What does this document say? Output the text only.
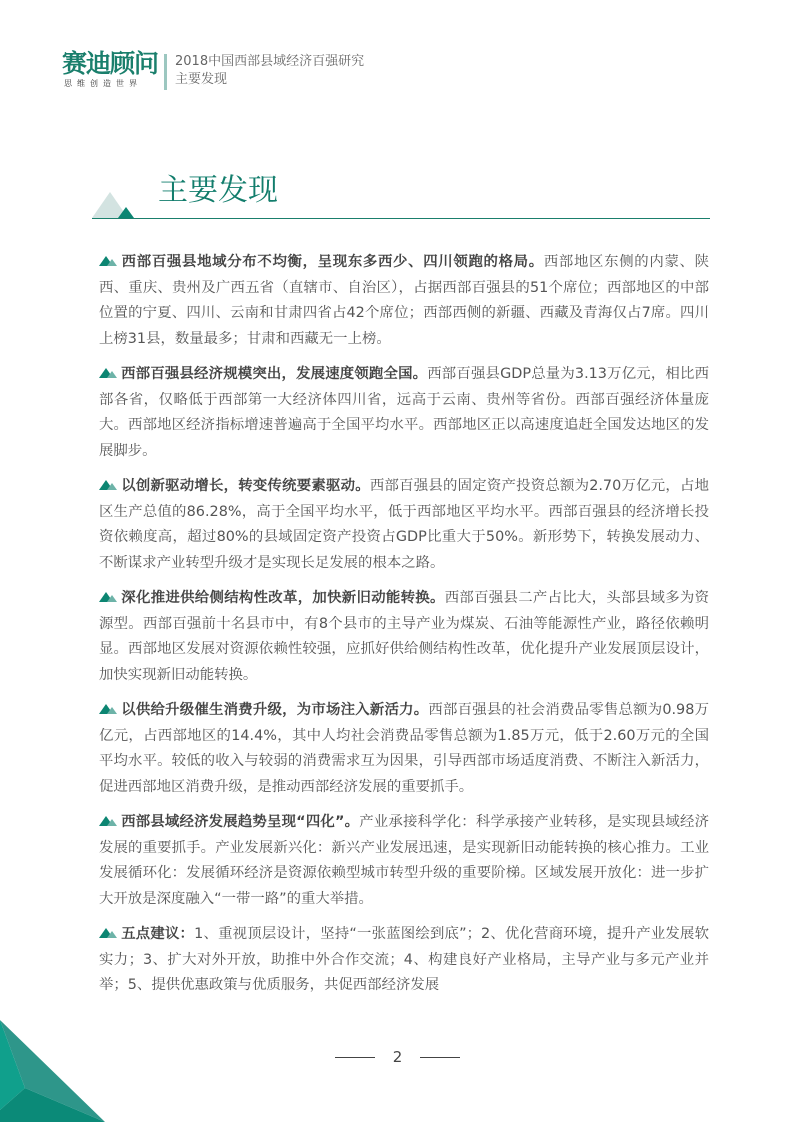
赛迪顾问
思维创造世界
2018中国西部县域经济百强研究
主要发现
主要发现

西部百强县地域分布不均衡，呈现东多西少、四川领跑的格局。西部地区东侧的内蒙、陕西、重庆、贵州及广西五省（直辖市、自治区），占据西部百强县的51个席位；西部地区的中部位置的宁夏、四川、云南和甘肃四省占42个席位；西部西侧的新疆、西藏及青海仅占7席。四川上榜31县，数量最多；甘肃和西藏无一上榜。

西部百强县经济规模突出，发展速度领跑全国。西部百强县GDP总量为3.13万亿元，相比西部各省，仅略低于西部第一大经济体四川省，远高于云南、贵州等省份。西部百强经济体量庞大。西部地区经济指标增速普遍高于全国平均水平。西部地区正以高速度追赶全国发达地区的发展脚步。

以创新驱动增长，转变传统要素驱动。西部百强县的固定资产投资总额为2.70万亿元，占地区生产总值的86.28%，高于全国平均水平，低于西部地区平均水平。西部百强县的经济增长投资依赖度高，超过80%的县域固定资产投资占GDP比重大于50%。新形势下，转换发展动力、不断谋求产业转型升级才是实现长足发展的根本之路。

深化推进供给侧结构性改革，加快新旧动能转换。西部百强县二产占比大，头部县域多为资源型。西部百强前十名县市中，有8个县市的主导产业为煤炭、石油等能源性产业，路径依赖明显。西部地区发展对资源依赖性较强，应抓好供给侧结构性改革，优化提升产业发展顶层设计，加快实现新旧动能转换。

以供给升级催生消费升级，为市场注入新活力。西部百强县的社会消费品零售总额为0.98万亿元，占西部地区的14.4%，其中人均社会消费品零售总额为1.85万元，低于2.60万元的全国平均水平。较低的收入与较弱的消费需求互为因果，引导西部市场适度消费、不断注入新活力，促进西部地区消费升级，是推动西部经济发展的重要抓手。

西部县域经济发展趋势呈现“四化”。产业承接科学化：科学承接产业转移，是实现县域经济发展的重要抓手。产业发展新兴化：新兴产业发展迅速，是实现新旧动能转换的核心推力。工业发展循环化：发展循环经济是资源依赖型城市转型升级的重要阶梯。区域发展开放化：进一步扩大开放是深度融入“一带一路”的重大举措。

五点建议：1、重视顶层设计，坚持“一张蓝图绘到底”；2、优化营商环境，提升产业发展软实力；3、扩大对外开放，助推中外合作交流；4、构建良好产业格局，主导产业与多元产业并举；5、提供优惠政策与优质服务，共促西部经济发展

2
